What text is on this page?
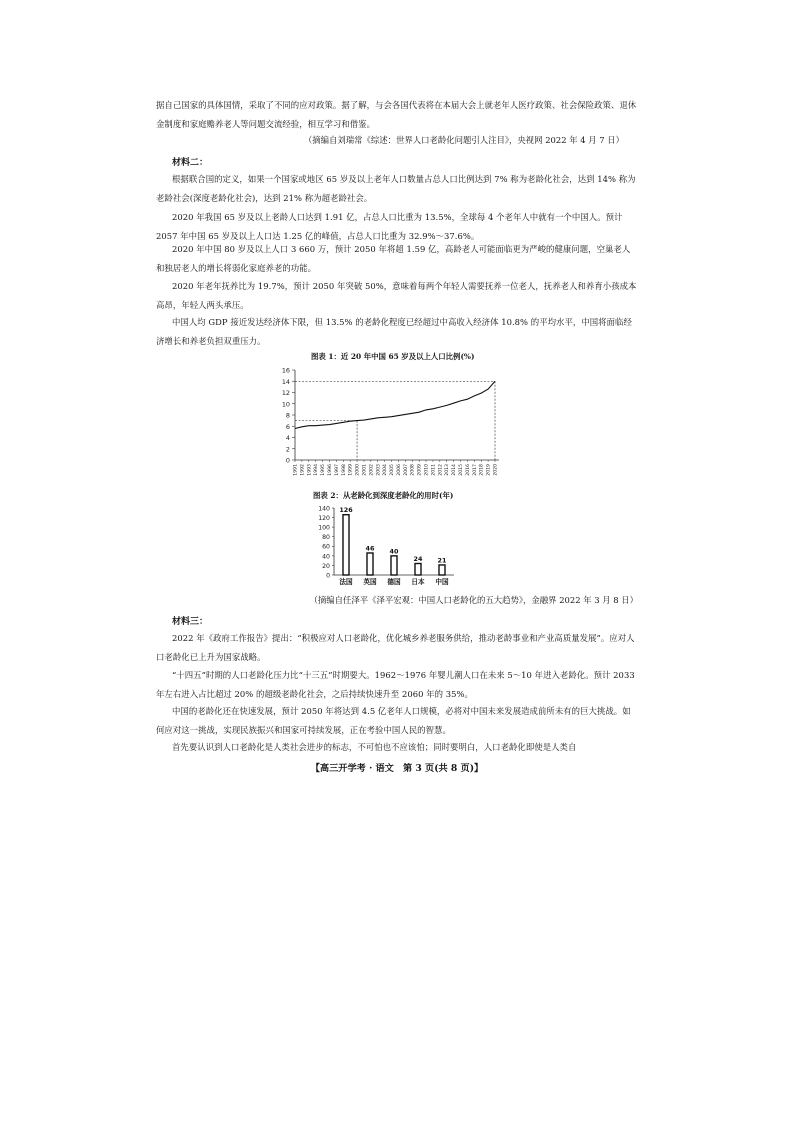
据自己国家的具体国情，采取了不同的应对政策。据了解，与会各国代表将在本届大会上就老年人医疗政策、社会保险政策、退休金制度和家庭赡养老人等问题交流经验，相互学习和借鉴。
（摘编自刘瑞常《综述：世界人口老龄化问题引人注目》，央视网 2022 年 4 月 7 日）
材料二：
根据联合国的定义，如果一个国家或地区 65 岁及以上老年人口数量占总人口比例达到 7% 称为老龄化社会，达到 14% 称为老龄社会(深度老龄化社会)，达到 21% 称为超老龄社会。
2020 年我国 65 岁及以上老龄人口达到 1.91 亿，占总人口比重为 13.5%，全球每 4 个老年人中就有一个中国人。预计 2057 年中国 65 岁及以上人口达 1.25 亿的峰值，占总人口比重为 32.9%～37.6%。
2020 年中国 80 岁及以上人口 3 660 万，预计 2050 年将超 1.59 亿，高龄老人可能面临更为严峻的健康问题，空巢老人和独居老人的增长将弱化家庭养老的功能。
2020 年老年抚养比为 19.7%，预计 2050 年突破 50%，意味着每两个年轻人需要抚养一位老人，抚养老人和养育小孩成本高昂，年轻人两头承压。
中国人均 GDP 接近发达经济体下限，但 13.5% 的老龄化程度已经超过中高收入经济体 10.8% 的平均水平，中国将面临经济增长和养老负担双重压力。
图表 1：近 20 年中国 65 岁及以上人口比例(%)
0
2
4
6
8
10
12
14
16
1991 1992 1993 1994 1995 1996 1997 1998 1999 2000 2001 2002 2003 2004 2005 2006 2007 2008 2009 2010 2011 2012 2013 2014 2015 2016 2017 2018 2019 2020
图表 2：从老龄化到深度老龄化的用时(年)
0
20
40
60
80
100
120
140 126
法国
46
英国
40
德国
24
日本
21
中国
（摘编自任泽平《泽平宏观：中国人口老龄化的五大趋势》，金融界 2022 年 3 月 8 日）
材料三：
2022 年《政府工作报告》提出：“积极应对人口老龄化，优化城乡养老服务供给，推动老龄事业和产业高质量发展”。应对人口老龄化已上升为国家战略。
“十四五”时期的人口老龄化压力比“十三五”时期要大。1962～1976 年婴儿潮人口在未来 5～10 年进入老龄化。预计 2033 年左右进入占比超过 20% 的超级老龄化社会，之后持续快速升至 2060 年的 35%。
中国的老龄化还在快速发展，预计 2050 年将达到 4.5 亿老年人口规模，必将对中国未来发展造成前所未有的巨大挑战。如何应对这一挑战，实现民族振兴和国家可持续发展，正在考验中国人民的智慧。
首先要认识到人口老龄化是人类社会进步的标志，不可怕也不应该怕；同时要明白，人口老龄化即使是人类自
【高三开学考 · 语文　第 3 页(共 8 页)】
